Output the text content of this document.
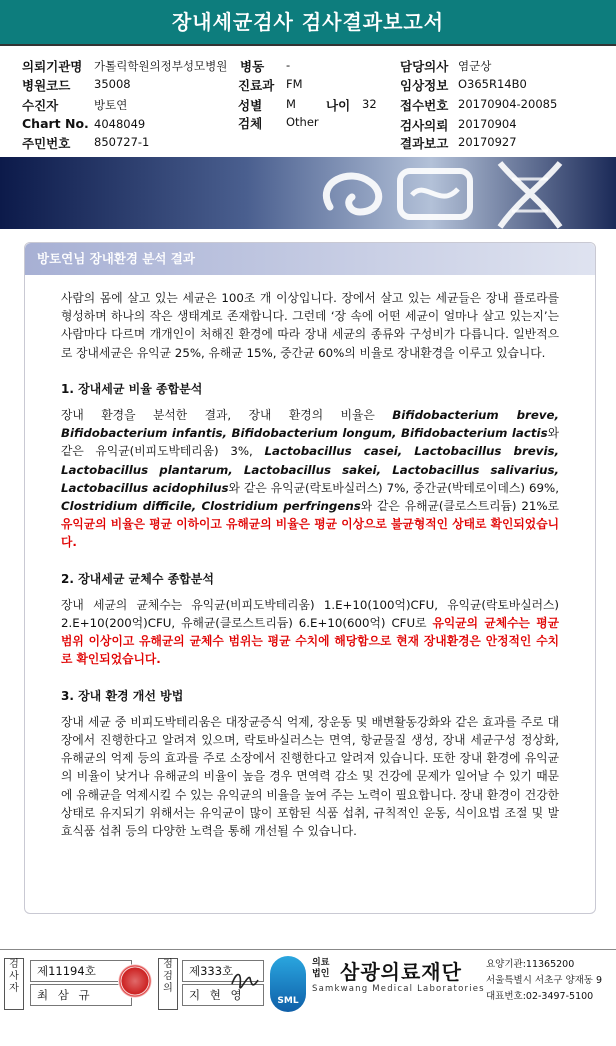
장내세균검사 검사결과보고서
의뢰기관명 가톨릭학원의정부성모병원 병동 -	담당의사 염군상
병원코드 35008	진료과 FM	임상정보 O365R14B0
수진자	방토연	성별 M 나이 32 접수번호 20170904-20085
Chart No. 4048049	검체 Other	검사의뢰 20170904
주민번호 850727-1	결과보고 20170927
방토연님 장내환경 분석 결과

사람의 몸에 살고 있는 세균은 100조 개 이상입니다. 장에서 살고 있는 세균들은 장내 플로라를 형성하며 하나의 작은 생태계로 존재합니다. 그런데 ‘장 속에 어떤 세균이 얼마나 살고 있는지’는 사람마다 다르며 개개인이 처해진 환경에 따라 장내 세균의 종류와 구성비가 다릅니다. 일반적으로 장내세균은 유익균 25%, 유해균 15%, 중간균 60%의 비율로 장내환경을 이루고 있습니다.

1. 장내세균 비율 종합분석

장내 환경을 분석한 결과, 장내 환경의 비율은 Bifidobacterium breve, Bifidobacterium infantis, Bifidobacterium longum, Bifidobacterium lactis와 같은 유익균(비피도박테리움) 3%, Lactobacillus casei, Lactobacillus brevis, Lactobacillus plantarum, Lactobacillus sakei, Lactobacillus salivarius, Lactobacillus acidophilus와 같은 유익균(락토바실러스) 7%, 중간균(박테로이데스) 69%, Clostridium difficile, Clostridium perfringens와 같은 유해균(클로스트리듐) 21%로 유익균의 비율은 평균 이하이고 유해균의 비율은 평균 이상으로 불균형적인 상태로 확인되었습니다.

2. 장내세균 균체수 종합분석

장내 세균의 균체수는 유익균(비피도박테리움) 1.E+10(100억)CFU, 유익균(락토바실러스) 2.E+10(200억)CFU, 유해균(클로스트리듐) 6.E+10(600억) CFU로 유익균의 균체수는 평균 범위 이상이고 유해균의 균체수 범위는 평균 수치에 해당함으로 현재 장내환경은 안정적인 수치로 확인되었습니다.

3. 장내 환경 개선 방법

장내 세균 중 비피도박테리움은 대장균증식 억제, 장운동 및 배변활동강화와 같은 효과를 주로 대장에서 진행한다고 알려져 있으며, 락토바실러스는 면역, 항균물질 생성, 장내 세균구성 정상화, 유해균의 억제 등의 효과를 주로 소장에서 진행한다고 알려져 있습니다. 또한 장내 환경에 유익균의 비율이 낮거나 유해균의 비율이 높을 경우 면역력 감소 및 건강에 문제가 일어날 수 있기 때문에 유해균을 억제시킬 수 있는 유익균의 비율을 높여 주는 노력이 필요합니다. 장내 환경이 건강한 상태로 유지되기 위해서는 유익균이 많이 포함된 식품 섭취, 규칙적인 운동, 식이요법 조절 및 발효식품 섭취 등의 다양한 노력을 통해 개선될 수 있습니다.

검사자
제11194호
최 삼 규
점검의
제333호
지 현 영	SML
의료법인 삼광의료재단
Samkwang Medical Laboratories
요양기관:11365200
서울특별시 서초구 양재동 9
대표번호:02-3497-5100
